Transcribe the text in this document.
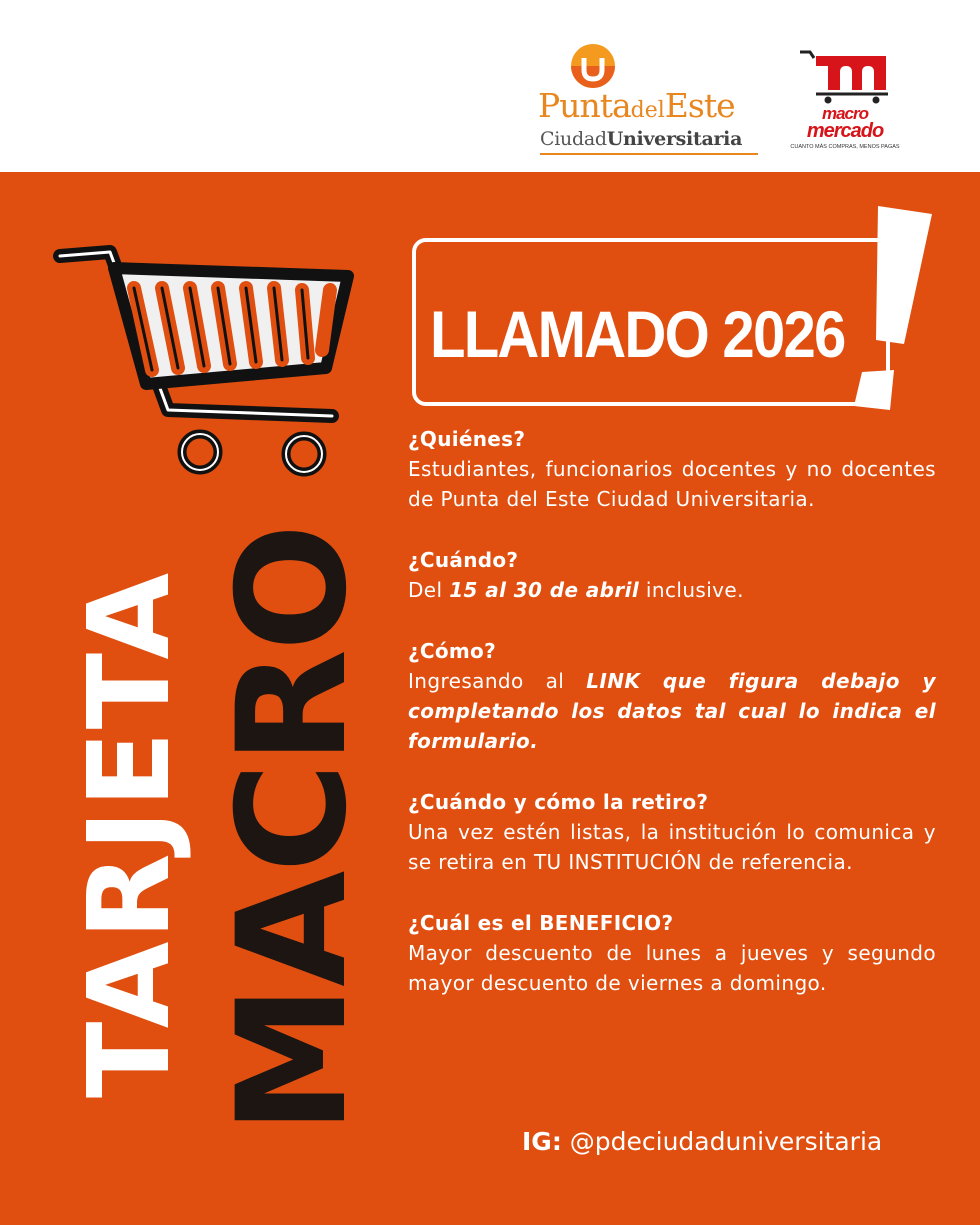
PuntadelEste
CiudadUniversitaria
macro
mercado
CUANTO MÁS COMPRAS, MENOS PAGAS
TARJETA MACRO
LLAMADO 2026
¿Quiénes?
Estudiantes, funcionarios docentes y no docentes de Punta del Este Ciudad Universitaria.
¿Cuándo?
Del 15 al 30 de abril inclusive.
¿Cómo?
Ingresando al LINK que figura debajo y completando los datos tal cual lo indica el formulario.
¿Cuándo y cómo la retiro?
Una vez estén listas, la institución lo comunica y se retira en TU INSTITUCIÓN de referencia.
¿Cuál es el BENEFICIO?
Mayor descuento de lunes a jueves y segundo mayor descuento de viernes a domingo.
IG: @pdeciudaduniversitaria
